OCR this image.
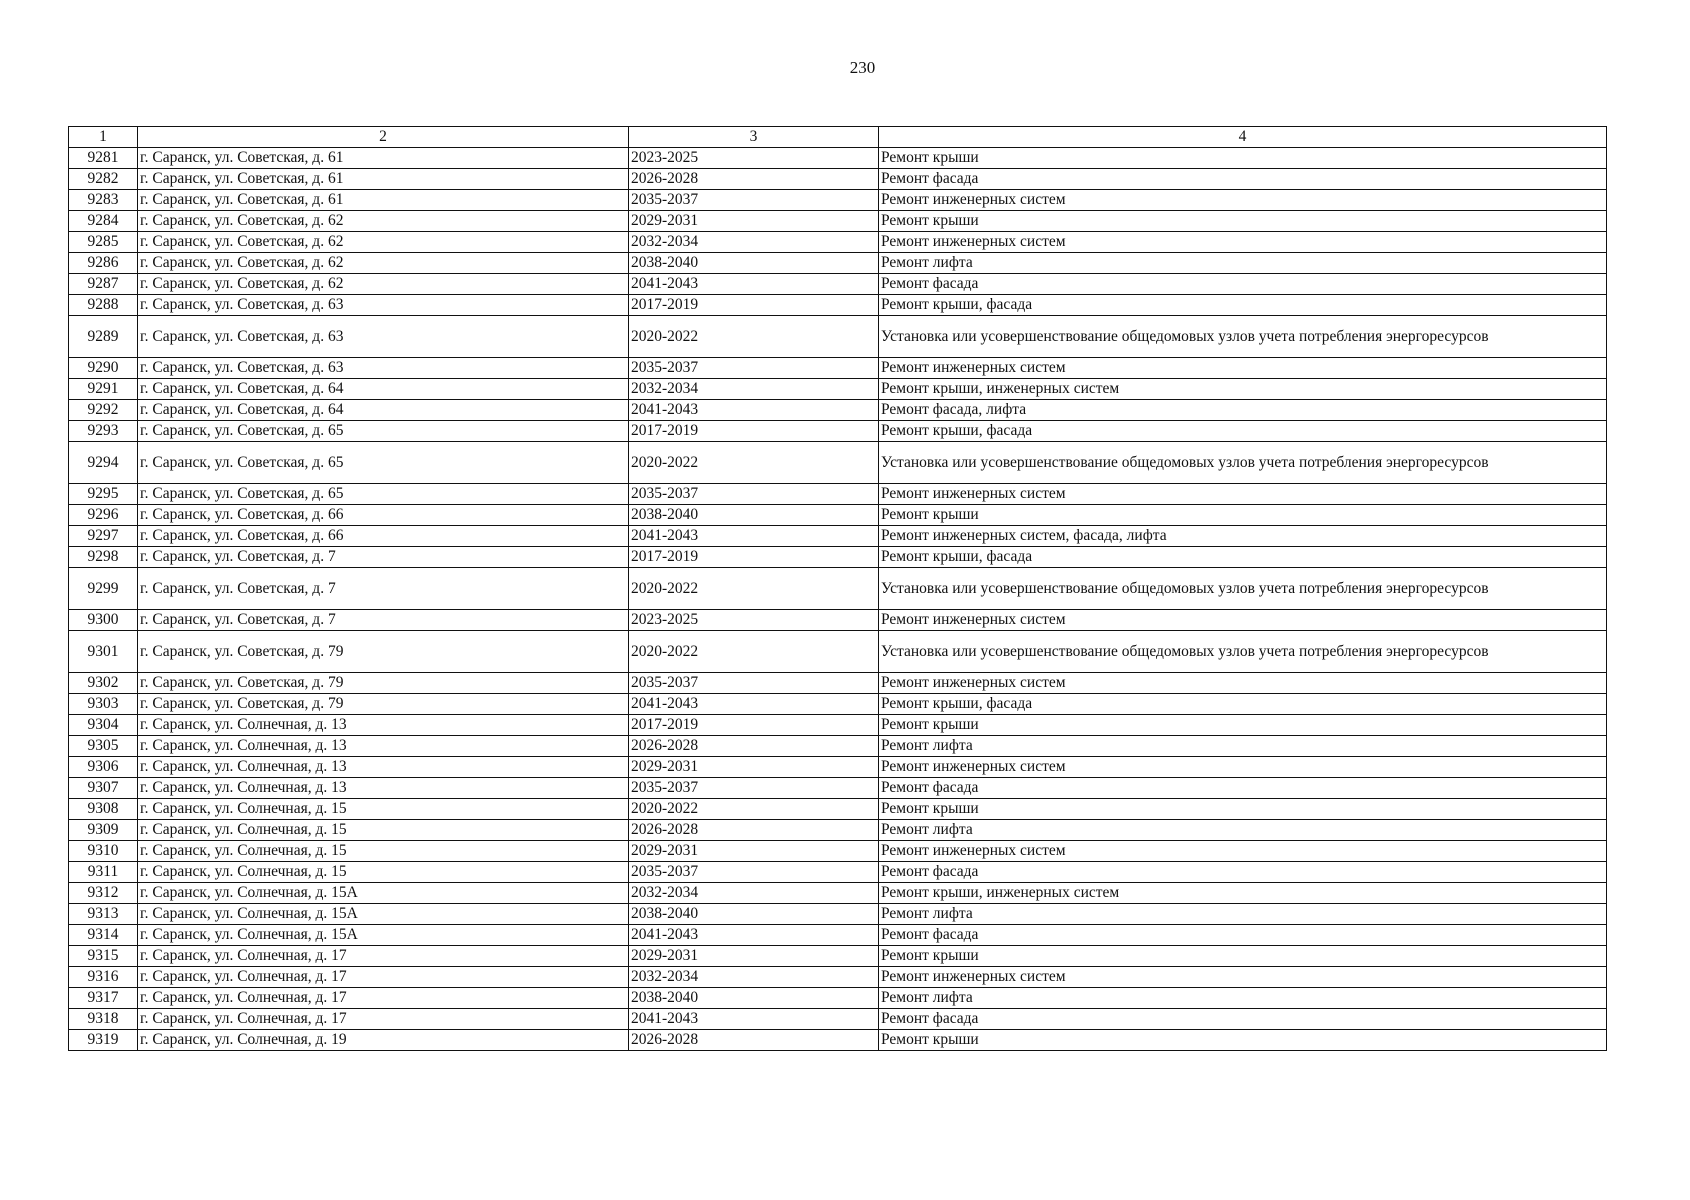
230
1	2	3	4
9281	г. Саранск, ул. Советская, д. 61	2023-2025	Ремонт крыши
9282	г. Саранск, ул. Советская, д. 61	2026-2028	Ремонт фасада
9283	г. Саранск, ул. Советская, д. 61	2035-2037	Ремонт инженерных систем
9284	г. Саранск, ул. Советская, д. 62	2029-2031	Ремонт крыши
9285	г. Саранск, ул. Советская, д. 62	2032-2034	Ремонт инженерных систем
9286	г. Саранск, ул. Советская, д. 62	2038-2040	Ремонт лифта
9287	г. Саранск, ул. Советская, д. 62	2041-2043	Ремонт фасада
9288	г. Саранск, ул. Советская, д. 63	2017-2019	Ремонт крыши, фасада
9289	г. Саранск, ул. Советская, д. 63	2020-2022	Установка или усовершенствование общедомовых узлов учета потребления энергоресурсов
9290	г. Саранск, ул. Советская, д. 63	2035-2037	Ремонт инженерных систем
9291	г. Саранск, ул. Советская, д. 64	2032-2034	Ремонт крыши, инженерных систем
9292	г. Саранск, ул. Советская, д. 64	2041-2043	Ремонт фасада, лифта
9293	г. Саранск, ул. Советская, д. 65	2017-2019	Ремонт крыши, фасада
9294	г. Саранск, ул. Советская, д. 65	2020-2022	Установка или усовершенствование общедомовых узлов учета потребления энергоресурсов
9295	г. Саранск, ул. Советская, д. 65	2035-2037	Ремонт инженерных систем
9296	г. Саранск, ул. Советская, д. 66	2038-2040	Ремонт крыши
9297	г. Саранск, ул. Советская, д. 66	2041-2043	Ремонт инженерных систем, фасада, лифта
9298	г. Саранск, ул. Советская, д. 7	2017-2019	Ремонт крыши, фасада
9299	г. Саранск, ул. Советская, д. 7	2020-2022	Установка или усовершенствование общедомовых узлов учета потребления энергоресурсов
9300	г. Саранск, ул. Советская, д. 7	2023-2025	Ремонт инженерных систем
9301	г. Саранск, ул. Советская, д. 79	2020-2022	Установка или усовершенствование общедомовых узлов учета потребления энергоресурсов
9302	г. Саранск, ул. Советская, д. 79	2035-2037	Ремонт инженерных систем
9303	г. Саранск, ул. Советская, д. 79	2041-2043	Ремонт крыши, фасада
9304	г. Саранск, ул. Солнечная, д. 13	2017-2019	Ремонт крыши
9305	г. Саранск, ул. Солнечная, д. 13	2026-2028	Ремонт лифта
9306	г. Саранск, ул. Солнечная, д. 13	2029-2031	Ремонт инженерных систем
9307	г. Саранск, ул. Солнечная, д. 13	2035-2037	Ремонт фасада
9308	г. Саранск, ул. Солнечная, д. 15	2020-2022	Ремонт крыши
9309	г. Саранск, ул. Солнечная, д. 15	2026-2028	Ремонт лифта
9310	г. Саранск, ул. Солнечная, д. 15	2029-2031	Ремонт инженерных систем
9311	г. Саранск, ул. Солнечная, д. 15	2035-2037	Ремонт фасада
9312	г. Саранск, ул. Солнечная, д. 15А	2032-2034	Ремонт крыши, инженерных систем
9313	г. Саранск, ул. Солнечная, д. 15А	2038-2040	Ремонт лифта
9314	г. Саранск, ул. Солнечная, д. 15А	2041-2043	Ремонт фасада
9315	г. Саранск, ул. Солнечная, д. 17	2029-2031	Ремонт крыши
9316	г. Саранск, ул. Солнечная, д. 17	2032-2034	Ремонт инженерных систем
9317	г. Саранск, ул. Солнечная, д. 17	2038-2040	Ремонт лифта
9318	г. Саранск, ул. Солнечная, д. 17	2041-2043	Ремонт фасада
9319	г. Саранск, ул. Солнечная, д. 19	2026-2028	Ремонт крыши
